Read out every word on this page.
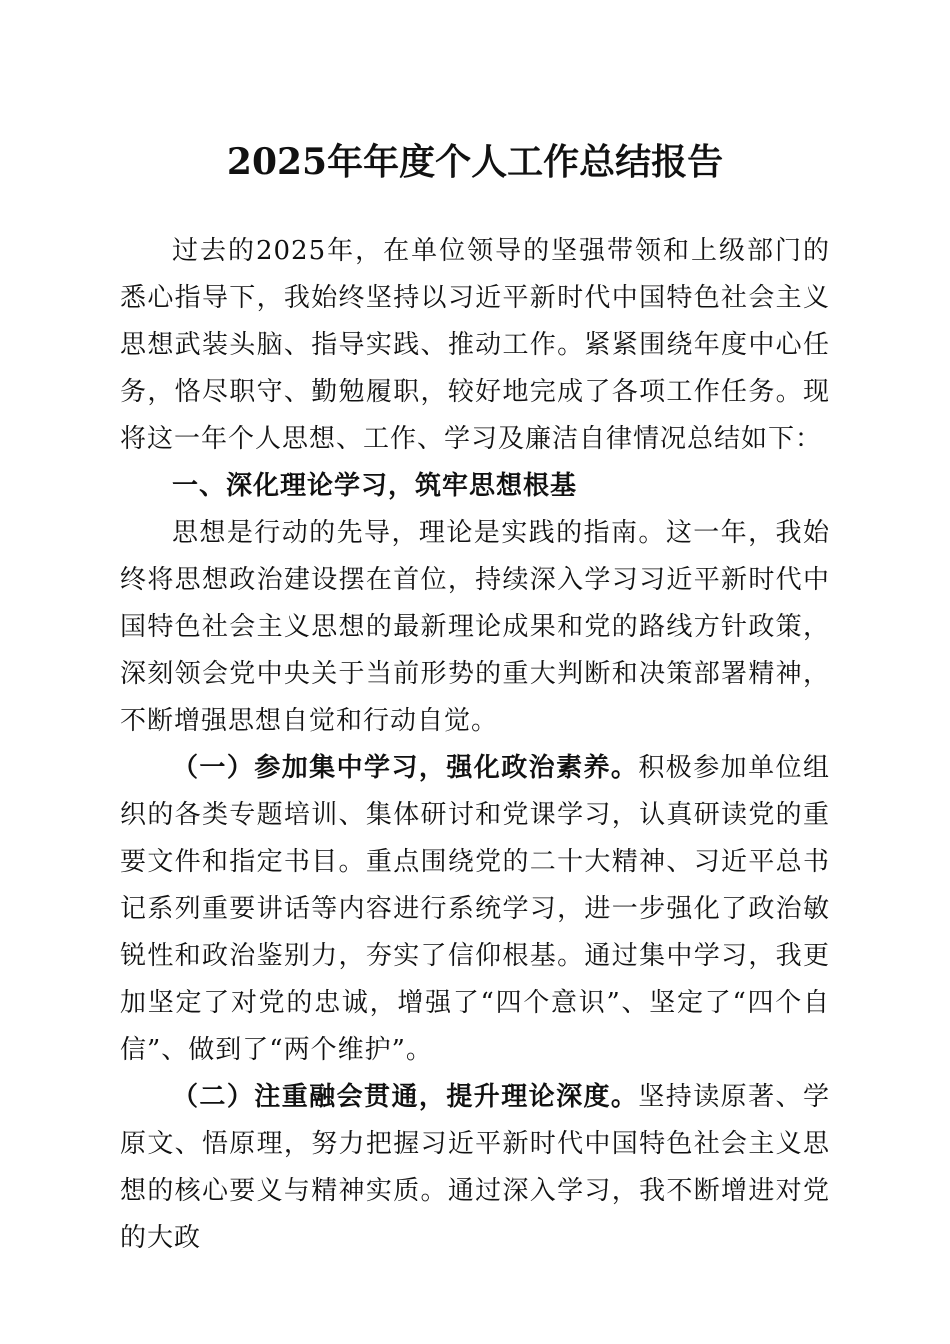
2025年年度个人工作总结报告

过去的2025年，在单位领导的坚强带领和上级部门的悉心指导下，我始终坚持以习近平新时代中国特色社会主义思想武装头脑、指导实践、推动工作。紧紧围绕年度中心任务，恪尽职守、勤勉履职，较好地完成了各项工作任务。现将这一年个人思想、工作、学习及廉洁自律情况总结如下：

一、深化理论学习，筑牢思想根基

思想是行动的先导，理论是实践的指南。这一年，我始终将思想政治建设摆在首位，持续深入学习习近平新时代中国特色社会主义思想的最新理论成果和党的路线方针政策，深刻领会党中央关于当前形势的重大判断和决策部署精神，不断增强思想自觉和行动自觉。

（一）参加集中学习，强化政治素养。积极参加单位组织的各类专题培训、集体研讨和党课学习，认真研读党的重要文件和指定书目。重点围绕党的二十大精神、习近平总书记系列重要讲话等内容进行系统学习，进一步强化了政治敏锐性和政治鉴别力，夯实了信仰根基。通过集中学习，我更加坚定了对党的忠诚，增强了“四个意识”、坚定了“四个自信”、做到了“两个维护”。

（二）注重融会贯通，提升理论深度。坚持读原著、学原文、悟原理，努力把握习近平新时代中国特色社会主义思想的核心要义与精神实质。通过深入学习，我不断增进对党的大政
